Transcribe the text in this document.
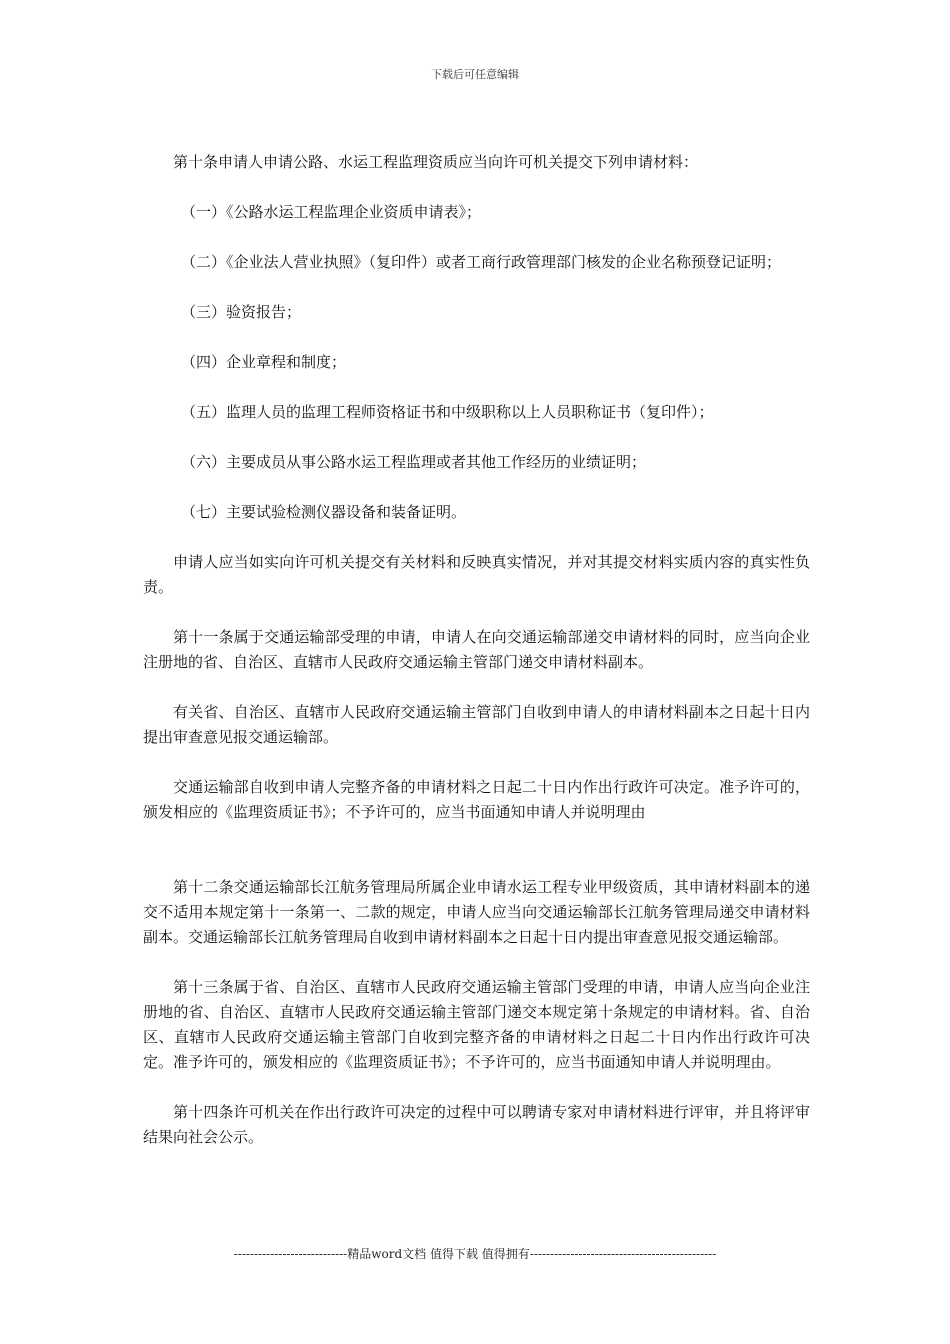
下载后可任意编辑

第十条申请人申请公路、水运工程监理资质应当向许可机关提交下列申请材料：

（一）《公路水运工程监理企业资质申请表》；

（二）《企业法人营业执照》（复印件）或者工商行政管理部门核发的企业名称预登记证明；

（三）验资报告；

（四）企业章程和制度；

（五）监理人员的监理工程师资格证书和中级职称以上人员职称证书（复印件）；

（六）主要成员从事公路水运工程监理或者其他工作经历的业绩证明；

（七）主要试验检测仪器设备和装备证明。

申请人应当如实向许可机关提交有关材料和反映真实情况，并对其提交材料实质内容的真实性负责。

第十一条属于交通运输部受理的申请，申请人在向交通运输部递交申请材料的同时，应当向企业注册地的省、自治区、直辖市人民政府交通运输主管部门递交申请材料副本。

有关省、自治区、直辖市人民政府交通运输主管部门自收到申请人的申请材料副本之日起十日内提出审查意见报交通运输部。

交通运输部自收到申请人完整齐备的申请材料之日起二十日内作出行政许可决定。准予许可的，颁发相应的《监理资质证书》；不予许可的，应当书面通知申请人并说明理由

第十二条交通运输部长江航务管理局所属企业申请水运工程专业甲级资质，其申请材料副本的递交不适用本规定第十一条第一、二款的规定，申请人应当向交通运输部长江航务管理局递交申请材料副本。交通运输部长江航务管理局自收到申请材料副本之日起十日内提出审查意见报交通运输部。

第十三条属于省、自治区、直辖市人民政府交通运输主管部门受理的申请，申请人应当向企业注册地的省、自治区、直辖市人民政府交通运输主管部门递交本规定第十条规定的申请材料。省、自治区、直辖市人民政府交通运输主管部门自收到完整齐备的申请材料之日起二十日内作出行政许可决定。准予许可的，颁发相应的《监理资质证书》；不予许可的，应当书面通知申请人并说明理由。

第十四条许可机关在作出行政许可决定的过程中可以聘请专家对申请材料进行评审，并且将评审结果向社会公示。

----------------------------精品word文档 值得下载 值得拥有----------------------------------------------
